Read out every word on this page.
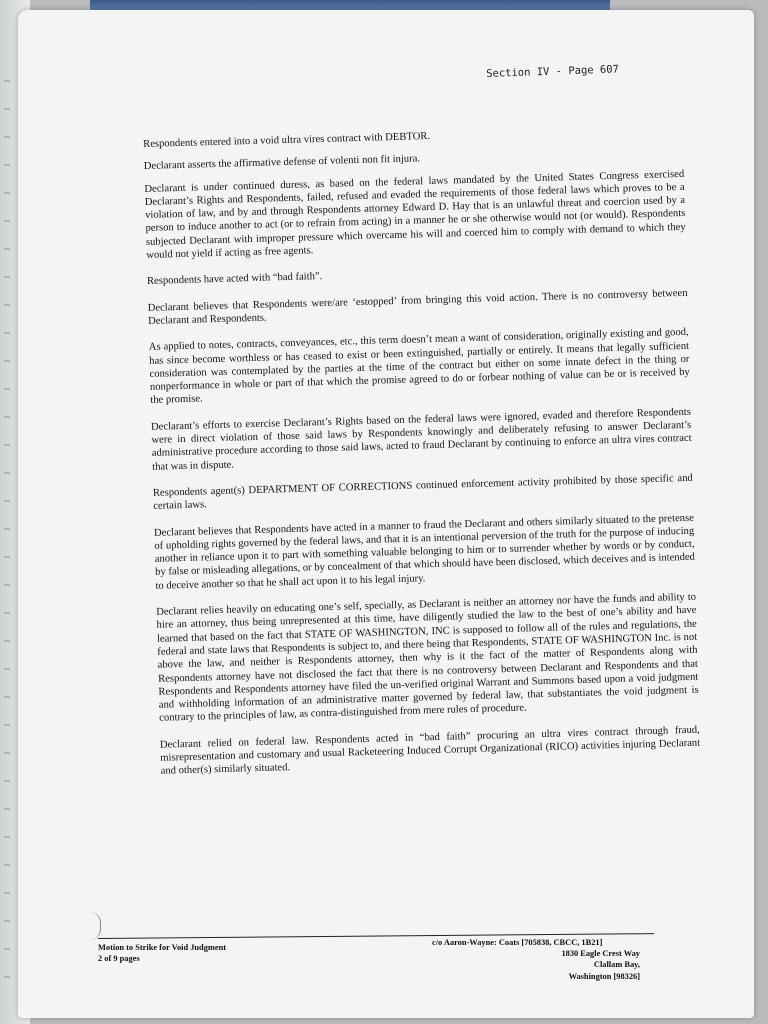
Section IV - Page 607

Respondents entered into a void ultra vires contract with DEBTOR.

Declarant asserts the affirmative defense of volenti non fit injura.

Declarant is under continued duress, as based on the federal laws mandated by the United States Congress exercised Declarant’s Rights and Respondents, failed, refused and evaded the requirements of those federal laws which proves to be a violation of law, and by and through Respondents attorney Edward D. Hay that is an unlawful threat and coercion used by a person to induce another to act (or to refrain from acting) in a manner he or she otherwise would not (or would). Respondents subjected Declarant with improper pressure which overcame his will and coerced him to comply with demand to which they would not yield if acting as free agents.

Respondents have acted with “bad faith”.

Declarant believes that Respondents were/are ‘estopped’ from bringing this void action. There is no controversy between Declarant and Respondents.

As applied to notes, contracts, conveyances, etc., this term doesn’t mean a want of consideration, originally existing and good, has since become worthless or has ceased to exist or been extinguished, partially or entirely. It means that legally sufficient consideration was contemplated by the parties at the time of the contract but either on some innate defect in the thing or nonperformance in whole or part of that which the promise agreed to do or forbear nothing of value can be or is received by the promise.

Declarant’s efforts to exercise Declarant’s Rights based on the federal laws were ignored, evaded and therefore Respondents were in direct violation of those said laws by Respondents knowingly and deliberately refusing to answer Declarant’s administrative procedure according to those said laws, acted to fraud Declarant by continuing to enforce an ultra vires contract that was in dispute.

Respondents agent(s) DEPARTMENT OF CORRECTIONS continued enforcement activity prohibited by those specific and certain laws.

Declarant believes that Respondents have acted in a manner to fraud the Declarant and others similarly situated to the pretense of upholding rights governed by the federal laws, and that it is an intentional perversion of the truth for the purpose of inducing another in reliance upon it to part with something valuable belonging to him or to surrender whether by words or by conduct, by false or misleading allegations, or by concealment of that which should have been disclosed, which deceives and is intended to deceive another so that he shall act upon it to his legal injury.

Declarant relies heavily on educating one’s self, specially, as Declarant is neither an attorney nor have the funds and ability to hire an attorney, thus being unrepresented at this time, have diligently studied the law to the best of one’s ability and have learned that based on the fact that STATE OF WASHINGTON, INC is supposed to follow all of the rules and regulations, the federal and state laws that Respondents is subject to, and there being that Respondents, STATE OF WASHINGTON Inc. is not above the law, and neither is Respondents attorney, then why is it the fact of the matter of Respondents along with Respondents attorney have not disclosed the fact that there is no controversy between Declarant and Respondents and that Respondents and Respondents attorney have filed the un-verified original Warrant and Summons based upon a void judgment and withholding information of an administrative matter governed by federal law, that substantiates the void judgment is contrary to the principles of law, as contra-distinguished from mere rules of procedure.

Declarant relied on federal law. Respondents acted in “bad faith” procuring an ultra vires contract through fraud, misrepresentation and customary and usual Racketeering Induced Corrupt Organizational (RICO) activities injuring Declarant and other(s) similarly situated.

Motion to Strike for Void Judgment
2 of 9 pages
c/o Aaron-Wayne: Coats [705838, CBCC, 1B21]
1830 Eagle Crest Way
Clallam Bay,
Washington [98326]
